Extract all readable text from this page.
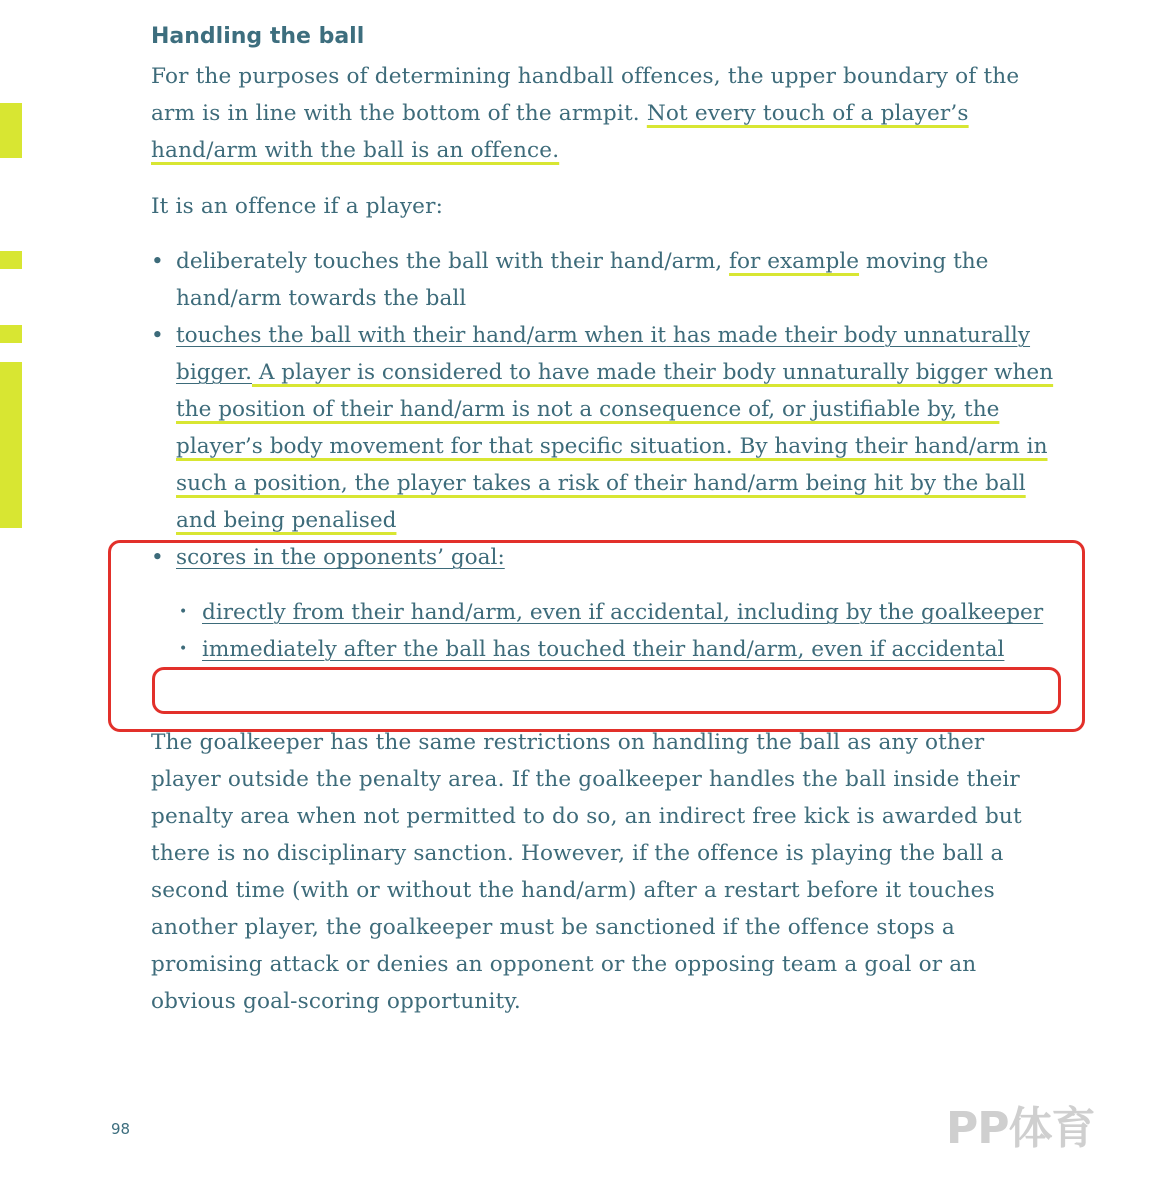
Handling the ball

For the purposes of determining handball offences, the upper boundary of the arm is in line with the bottom of the armpit. Not every touch of a player’s hand/arm with the ball is an offence.

It is an offence if a player:

• deliberately touches the ball with their hand/arm, for example moving the hand/arm towards the ball
• touches the ball with their hand/arm when it has made their body unnaturally bigger. A player is considered to have made their body unnaturally bigger when the position of their hand/arm is not a consequence of, or justifiable by, the player’s body movement for that specific situation. By having their hand/arm in such a position, the player takes a risk of their hand/arm being hit by the ball and being penalised
• scores in the opponents’ goal:
• directly from their hand/arm, even if accidental, including by the goalkeeper
• immediately after the ball has touched their hand/arm, even if accidental

The goalkeeper has the same restrictions on handling the ball as any other player outside the penalty area. If the goalkeeper handles the ball inside their penalty area when not permitted to do so, an indirect free kick is awarded but there is no disciplinary sanction. However, if the offence is playing the ball a second time (with or without the hand/arm) after a restart before it touches another player, the goalkeeper must be sanctioned if the offence stops a promising attack or denies an opponent or the opposing team a goal or an obvious goal-scoring opportunity.

98	PP体育
